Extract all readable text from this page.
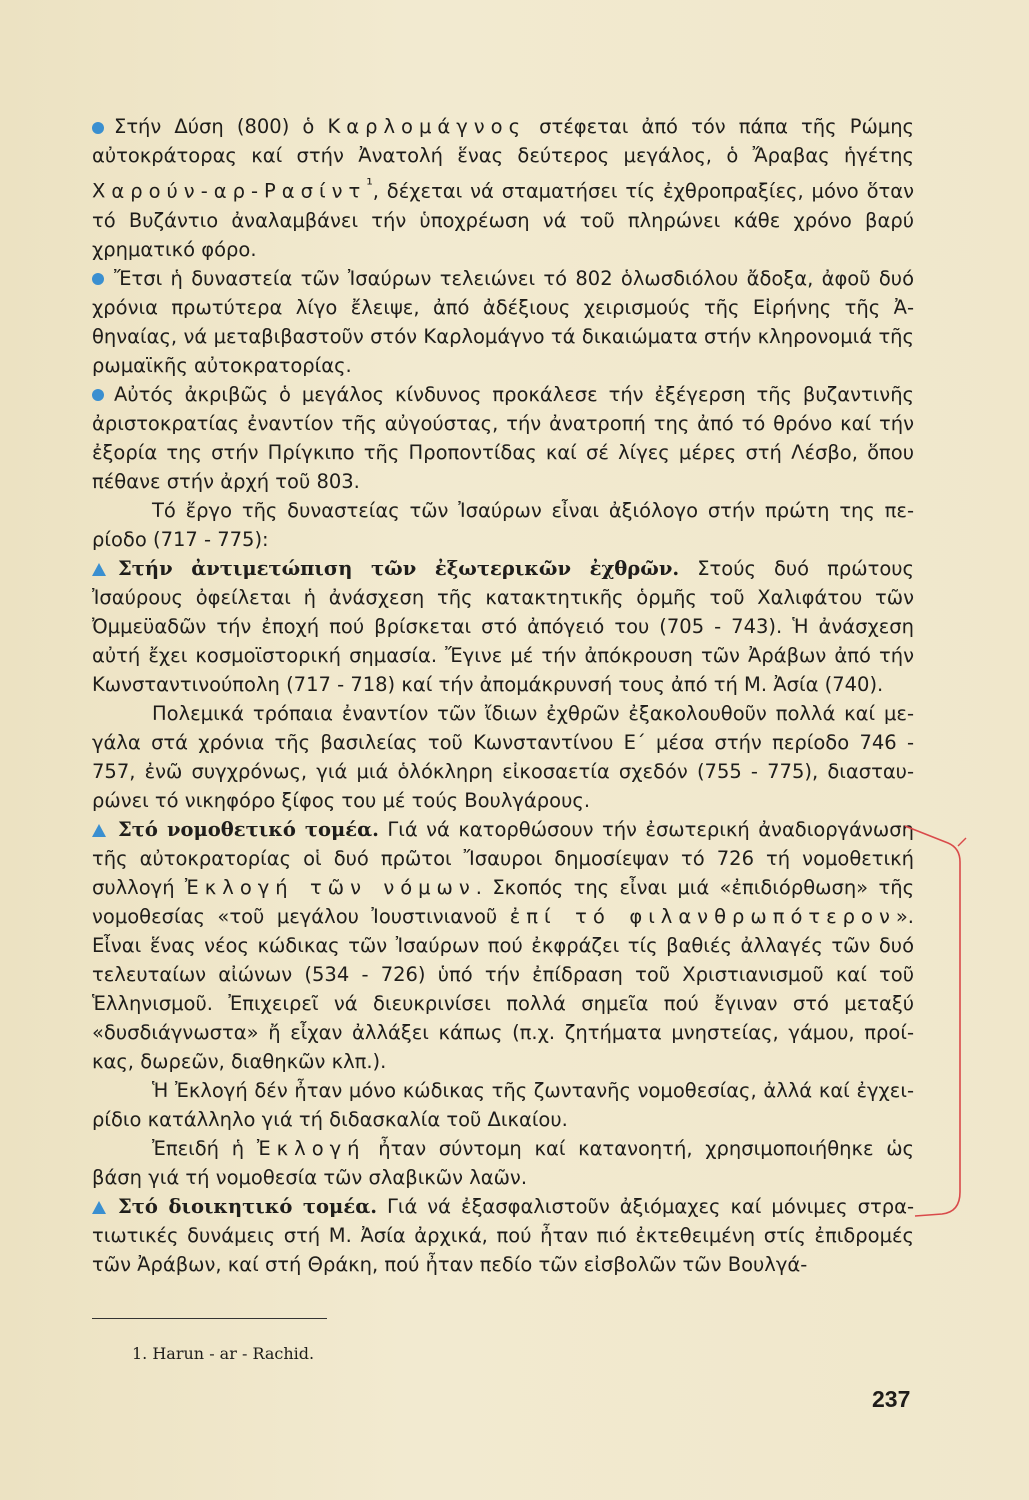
Στήν Δύση (800) ὁ Καρλομάγνος στέφεται ἀπό τόν πάπα τῆς Ρώμης αὐτοκράτορας καί στήν Ἀνατολή ἕνας δεύτερος μεγάλος, ὁ Ἄραβας ἡγέτης Χαρούν-αρ-Ρασίντ$^{^1}$, δέχεται νά σταματήσει τίς ἐχθροπραξίες, μόνο ὅταν τό Βυζάντιο ἀναλαμβάνει τήν ὑποχρέωση νά τοῦ πληρώνει κάθε χρόνο βαρύ χρηματικό φόρο.

Ἔτσι ἡ δυναστεία τῶν Ἰσαύρων τελειώνει τό 802 ὁλωσδιόλου ἄδοξα, ἀφοῦ δυό χρόνια πρωτύτερα λίγο ἔλειψε, ἀπό ἀδέξιους χειρισμούς τῆς Εἰρήνης τῆς Ἀθηναίας, νά μεταβιβαστοῦν στόν Καρλομάγνο τά δικαιώματα στήν κληρονομιά τῆς ρωμαϊκῆς αὐτοκρατορίας.

Αὐτός ἀκριβῶς ὁ μεγάλος κίνδυνος προκάλεσε τήν ἐξέγερση τῆς βυζαντινῆς ἀριστοκρατίας ἐναντίον τῆς αὐγούστας, τήν ἀνατροπή της ἀπό τό θρόνο καί τήν ἐξορία της στήν Πρίγκιπο τῆς Προποντίδας καί σέ λίγες μέρες στή Λέσβο, ὅπου πέθανε στήν ἀρχή τοῦ 803.

Τό ἔργο τῆς δυναστείας τῶν Ἰσαύρων εἶναι ἀξιόλογο στήν πρώτη της περίοδο (717 - 775):

Στήν ἀντιμετώπιση τῶν ἐξωτερικῶν ἐχθρῶν. Στούς δυό πρώτους Ἰσαύρους ὀφείλεται ἡ ἀνάσχεση τῆς κατακτητικῆς ὁρμῆς τοῦ Χαλιφάτου τῶν Ὀμμεϋαδῶν τήν ἐποχή πού βρίσκεται στό ἀπόγειό του (705 - 743). Ἡ ἀνάσχεση αὐτή ἔχει κοσμοϊστορική σημασία. Ἔγινε μέ τήν ἀπόκρουση τῶν Ἀράβων ἀπό τήν Κωνσταντινούπολη (717 - 718) καί τήν ἀπομάκρυνσή τους ἀπό τή Μ. Ἀσία (740).

Πολεμικά τρόπαια ἐναντίον τῶν ἴδιων ἐχθρῶν ἐξακολουθοῦν πολλά καί μεγάλα στά χρόνια τῆς βασιλείας τοῦ Κωνσταντίνου Ε΄ μέσα στήν περίοδο 746 - 757, ἐνῶ συγχρόνως, γιά μιά ὁλόκληρη εἰκοσαετία σχεδόν (755 - 775), διασταυρώνει τό νικηφόρο ξίφος του μέ τούς Βουλγάρους.

Στό νομοθετικό τομέα. Γιά νά κατορθώσουν τήν ἐσωτερική ἀναδιοργάνωση τῆς αὐτοκρατορίας οἱ δυό πρῶτοι Ἴσαυροι δημοσίεψαν τό 726 τή νομοθετική συλλογή Ἐκλογή τῶν νόμων. Σκοπός της εἶναι μιά «ἐπιδιόρθωση» τῆς νομοθεσίας «τοῦ μεγάλου Ἰουστινιανοῦ ἐπί τό φιλανθρωπότερον». Εἶναι ἕνας νέος κώδικας τῶν Ἰσαύρων πού ἐκφράζει τίς βαθιές ἀλλαγές τῶν δυό τελευταίων αἰώνων (534 - 726) ὑπό τήν ἐπίδραση τοῦ Χριστιανισμοῦ καί τοῦ Ἑλληνισμοῦ. Ἐπιχειρεῖ νά διευκρινίσει πολλά σημεῖα πού ἔγιναν στό μεταξύ «δυσδιάγνωστα» ἤ εἶχαν ἀλλάξει κάπως (π.χ. ζητήματα μνηστείας, γάμου, προίκας, δωρεῶν, διαθηκῶν κλπ.).

Ἡ Ἐκλογή δέν ἦταν μόνο κώδικας τῆς ζωντανῆς νομοθεσίας, ἀλλά καί ἐγχειρίδιο κατάλληλο γιά τή διδασκαλία τοῦ Δικαίου.

Ἐπειδή ἡ Ἐκλογή ἦταν σύντομη καί κατανοητή, χρησιμοποιήθηκε ὡς βάση γιά τή νομοθεσία τῶν σλαβικῶν λαῶν.

Στό διοικητικό τομέα. Γιά νά ἐξασφαλιστοῦν ἀξιόμαχες καί μόνιμες στρατιωτικές δυνάμεις στή Μ. Ἀσία ἀρχικά, πού ἦταν πιό ἐκτεθειμένη στίς ἐπιδρομές τῶν Ἀράβων, καί στή Θράκη, πού ἦταν πεδίο τῶν εἰσβολῶν τῶν Βουλγά-

1. Harun - ar - Rachid.
237
